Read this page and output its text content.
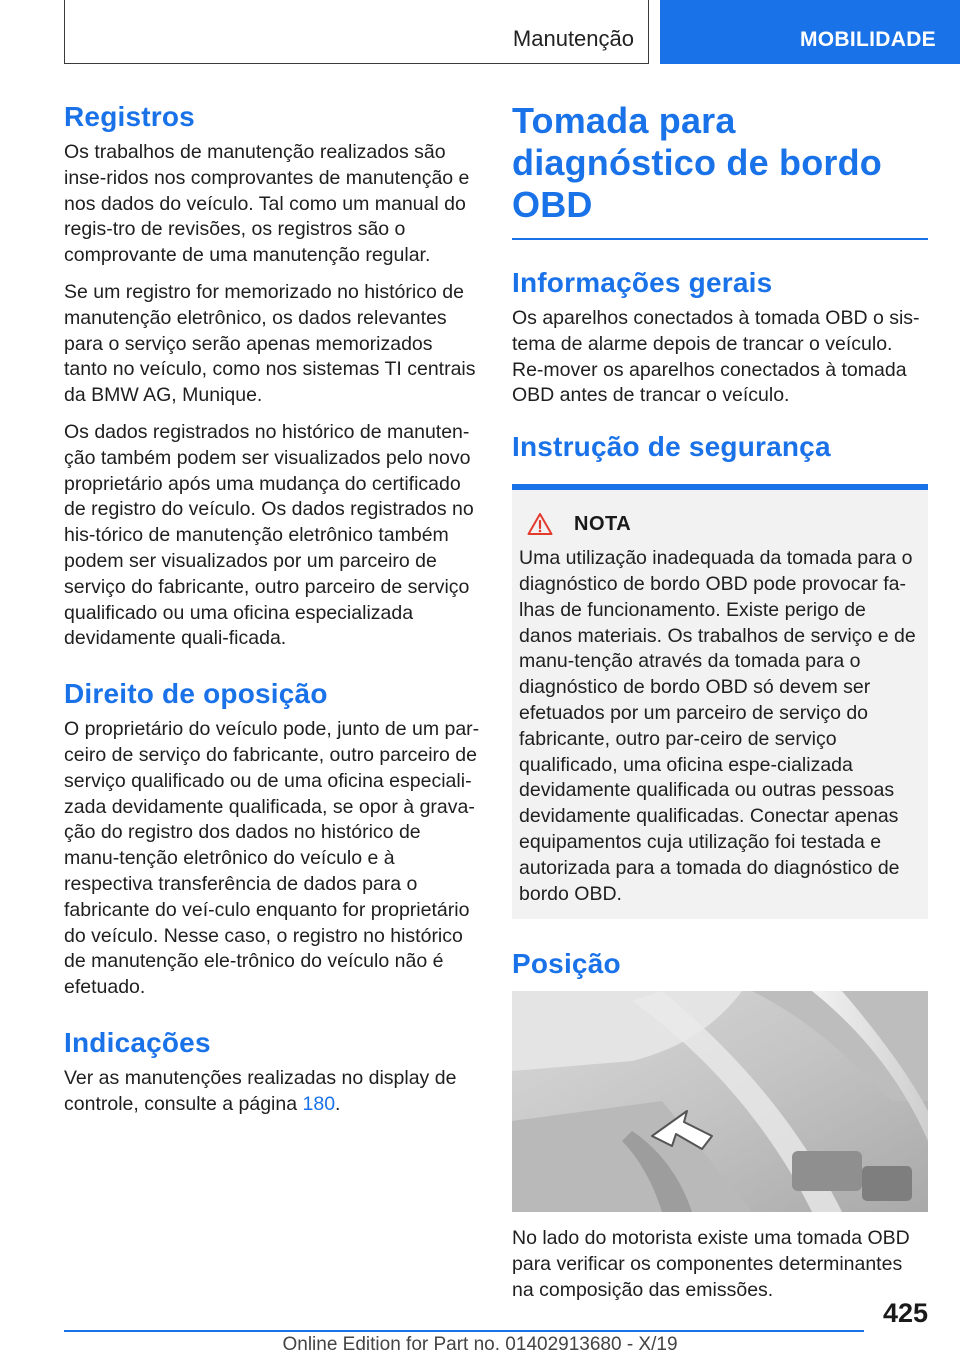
Manutenção	MOBILIDADE
Registros

Os trabalhos de manutenção realizados são inse-ridos nos comprovantes de manutenção e nos dados do veículo. Tal como um manual do regis-tro de revisões, os registros são o comprovante de uma manutenção regular.

Se um registro for memorizado no histórico de manutenção eletrônico, os dados relevantes para o serviço serão apenas memorizados tanto no veículo, como nos sistemas TI centrais da BMW AG, Munique.

Os dados registrados no histórico de manuten-ção também podem ser visualizados pelo novo proprietário após uma mudança do certificado de registro do veículo. Os dados registrados no his-tórico de manutenção eletrônico também podem ser visualizados por um parceiro de serviço do fabricante, outro parceiro de serviço qualificado ou uma oficina especializada devidamente quali-ficada.

Direito de oposição

O proprietário do veículo pode, junto de um par-ceiro de serviço do fabricante, outro parceiro de serviço qualificado ou de uma oficina especiali-zada devidamente qualificada, se opor à grava-ção do registro dos dados no histórico de manu-tenção eletrônico do veículo e à respectiva transferência de dados para o fabricante do veí-culo enquanto for proprietário do veículo. Nesse caso, o registro no histórico de manutenção ele-trônico do veículo não é efetuado.

Indicações

Ver as manutenções realizadas no display de controle, consulte a página 180.

Tomada para diagnóstico de bordo OBD
Informações gerais

Os aparelhos conectados à tomada OBD o sis-tema de alarme depois de trancar o veículo. Re-mover os aparelhos conectados à tomada OBD antes de trancar o veículo.

Instrução de segurança
NOTA

Uma utilização inadequada da tomada para o diagnóstico de bordo OBD pode provocar fa-lhas de funcionamento. Existe perigo de danos materiais. Os trabalhos de serviço e de manu-tenção através da tomada para o diagnóstico de bordo OBD só devem ser efetuados por um parceiro de serviço do fabricante, outro par-ceiro de serviço qualificado, uma oficina espe-cializada devidamente qualificada ou outras pessoas devidamente qualificadas. Conectar apenas equipamentos cuja utilização foi testada e autorizada para a tomada do diagnóstico de bordo OBD.

Posição

No lado do motorista existe uma tomada OBD para verificar os componentes determinantes na composição das emissões.

425
Online Edition for Part no. 01402913680 - X/19
